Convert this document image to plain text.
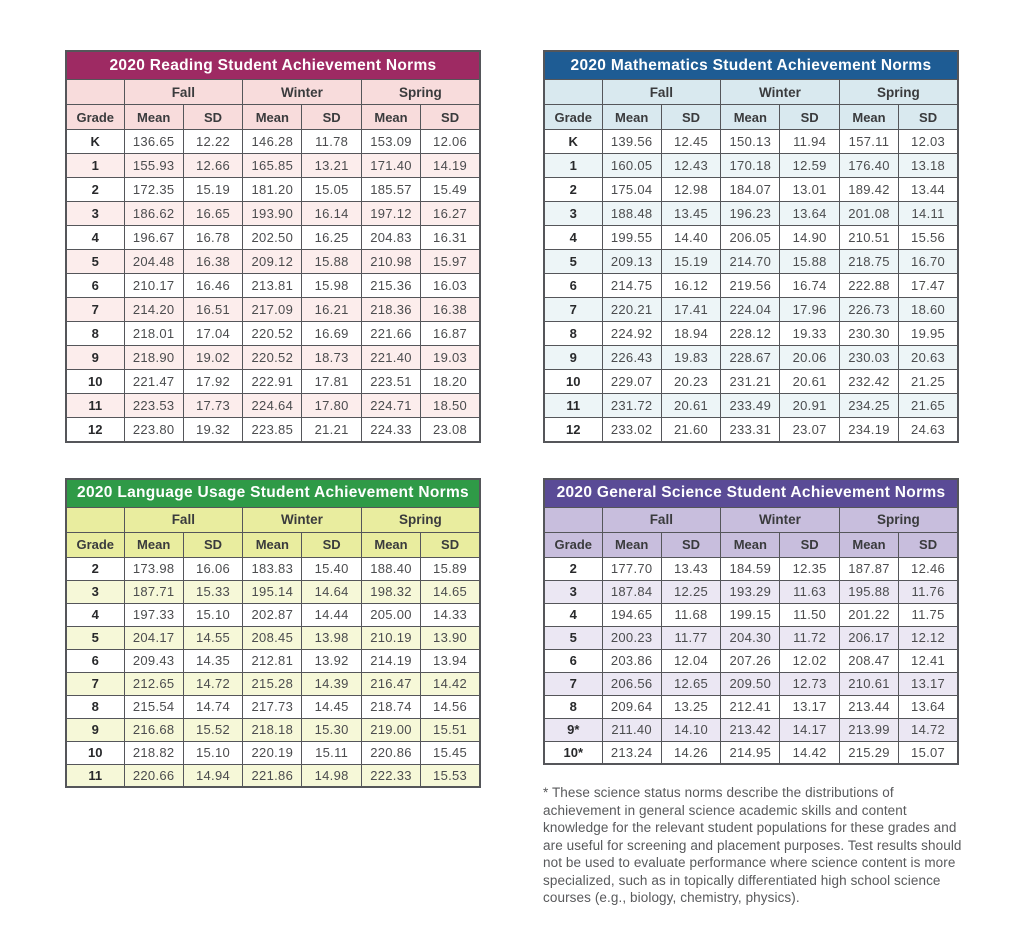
2020 Reading Student Achievement Norms						
	Fall		Winter		Spring	
Grade	Mean	SD	Mean	SD	Mean	SD
K	136.65	12.22	146.28	11.78	153.09	12.06
1	155.93	12.66	165.85	13.21	171.40	14.19
2	172.35	15.19	181.20	15.05	185.57	15.49
3	186.62	16.65	193.90	16.14	197.12	16.27
4	196.67	16.78	202.50	16.25	204.83	16.31
5	204.48	16.38	209.12	15.88	210.98	15.97
6	210.17	16.46	213.81	15.98	215.36	16.03
7	214.20	16.51	217.09	16.21	218.36	16.38
8	218.01	17.04	220.52	16.69	221.66	16.87
9	218.90	19.02	220.52	18.73	221.40	19.03
10	221.47	17.92	222.91	17.81	223.51	18.20
11	223.53	17.73	224.64	17.80	224.71	18.50
12	223.80	19.32	223.85	21.21	224.33	23.08
2020 Mathematics Student Achievement Norms						
	Fall		Winter		Spring	
Grade	Mean	SD	Mean	SD	Mean	SD
K	139.56	12.45	150.13	11.94	157.11	12.03
1	160.05	12.43	170.18	12.59	176.40	13.18
2	175.04	12.98	184.07	13.01	189.42	13.44
3	188.48	13.45	196.23	13.64	201.08	14.11
4	199.55	14.40	206.05	14.90	210.51	15.56
5	209.13	15.19	214.70	15.88	218.75	16.70
6	214.75	16.12	219.56	16.74	222.88	17.47
7	220.21	17.41	224.04	17.96	226.73	18.60
8	224.92	18.94	228.12	19.33	230.30	19.95
9	226.43	19.83	228.67	20.06	230.03	20.63
10	229.07	20.23	231.21	20.61	232.42	21.25
11	231.72	20.61	233.49	20.91	234.25	21.65
12	233.02	21.60	233.31	23.07	234.19	24.63
2020 Language Usage Student Achievement Norms						
	Fall		Winter		Spring	
Grade	Mean	SD	Mean	SD	Mean	SD
2	173.98	16.06	183.83	15.40	188.40	15.89
3	187.71	15.33	195.14	14.64	198.32	14.65
4	197.33	15.10	202.87	14.44	205.00	14.33
5	204.17	14.55	208.45	13.98	210.19	13.90
6	209.43	14.35	212.81	13.92	214.19	13.94
7	212.65	14.72	215.28	14.39	216.47	14.42
8	215.54	14.74	217.73	14.45	218.74	14.56
9	216.68	15.52	218.18	15.30	219.00	15.51
10	218.82	15.10	220.19	15.11	220.86	15.45
11	220.66	14.94	221.86	14.98	222.33	15.53
2020 General Science Student Achievement Norms						
	Fall		Winter		Spring	
Grade	Mean	SD	Mean	SD	Mean	SD
2	177.70	13.43	184.59	12.35	187.87	12.46
3	187.84	12.25	193.29	11.63	195.88	11.76
4	194.65	11.68	199.15	11.50	201.22	11.75
5	200.23	11.77	204.30	11.72	206.17	12.12
6	203.86	12.04	207.26	12.02	208.47	12.41
7	206.56	12.65	209.50	12.73	210.61	13.17
8	209.64	13.25	212.41	13.17	213.44	13.64
9*	211.40	14.10	213.42	14.17	213.99	14.72
10*	213.24	14.26	214.95	14.42	215.29	15.07

* These science status norms describe the distributions of achievement in general science academic skills and content knowledge for the relevant student populations for these grades and are useful for screening and placement purposes. Test results should not be used to evaluate performance where science content is more specialized, such as in topically differentiated high school science courses (e.g., biology, chemistry, physics).
